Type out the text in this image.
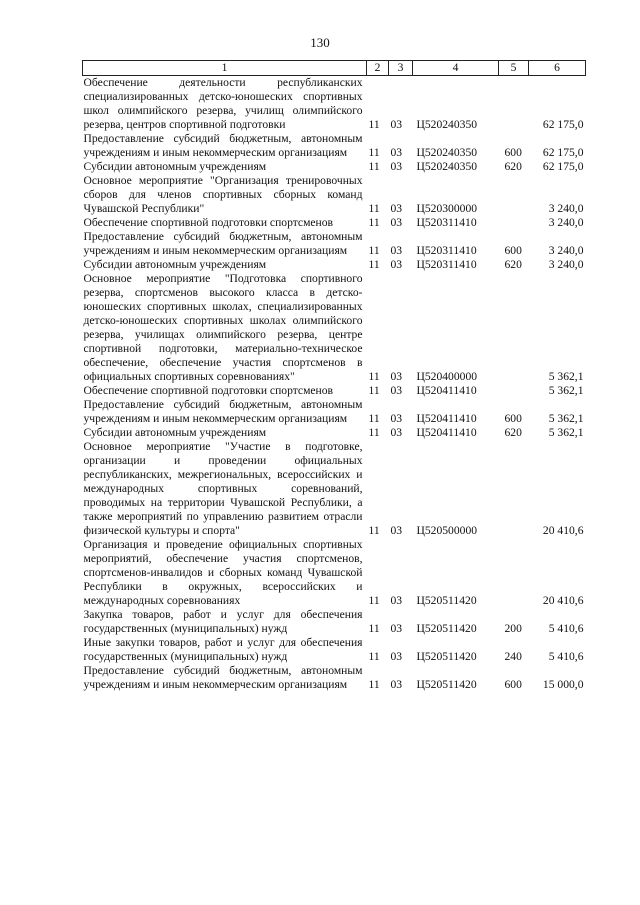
130
1	2	3	4	5	6
Обеспечение деятельности республиканских специализированных детско-юношеских спортивных школ олимпийского резерва, училищ олимпийского резерва, центров спортивной подготовки	11	03	Ц520240350		62 175,0
Предоставление субсидий бюджетным, автономным учреждениям и иным некоммерческим организациям	11	03	Ц520240350	600	62 175,0
Субсидии автономным учреждениям	11	03	Ц520240350	620	62 175,0
Основное мероприятие "Организация тренировочных сборов для членов спортивных сборных команд Чувашской Республики"	11	03	Ц520300000		3 240,0
Обеспечение спортивной подготовки спортсменов	11	03	Ц520311410		3 240,0
Предоставление субсидий бюджетным, автономным учреждениям и иным некоммерческим организациям	11	03	Ц520311410	600	3 240,0
Субсидии автономным учреждениям	11	03	Ц520311410	620	3 240,0
Основное мероприятие "Подготовка спортивного резерва, спортсменов высокого класса в детско-юношеских спортивных школах, специализированных детско-юношеских спортивных школах олимпийского резерва, училищах олимпийского резерва, центре спортивной подготовки, материально-техническое обеспечение, обеспечение участия спортсменов в официальных спортивных соревнованиях"	11	03	Ц520400000		5 362,1
Обеспечение спортивной подготовки спортсменов	11	03	Ц520411410		5 362,1
Предоставление субсидий бюджетным, автономным учреждениям и иным некоммерческим организациям	11	03	Ц520411410	600	5 362,1
Субсидии автономным учреждениям	11	03	Ц520411410	620	5 362,1
Основное мероприятие "Участие в подготовке, организации и проведении официальных республиканских, межрегиональных, всероссийских и международных спортивных соревнований, проводимых на территории Чувашской Республики, а также мероприятий по управлению развитием отрасли физической культуры и спорта"	11	03	Ц520500000		20 410,6
Организация и проведение официальных спортивных мероприятий, обеспечение участия спортсменов, спортсменов-инвалидов и сборных команд Чувашской Республики в окружных, всероссийских и международных соревнованиях	11	03	Ц520511420		20 410,6
Закупка товаров, работ и услуг для обеспечения государственных (муниципальных) нужд	11	03	Ц520511420	200	5 410,6
Иные закупки товаров, работ и услуг для обеспечения государственных (муниципальных) нужд	11	03	Ц520511420	240	5 410,6
Предоставление субсидий бюджетным, автономным учреждениям и иным некоммерческим организациям	11	03	Ц520511420	600	15 000,0
